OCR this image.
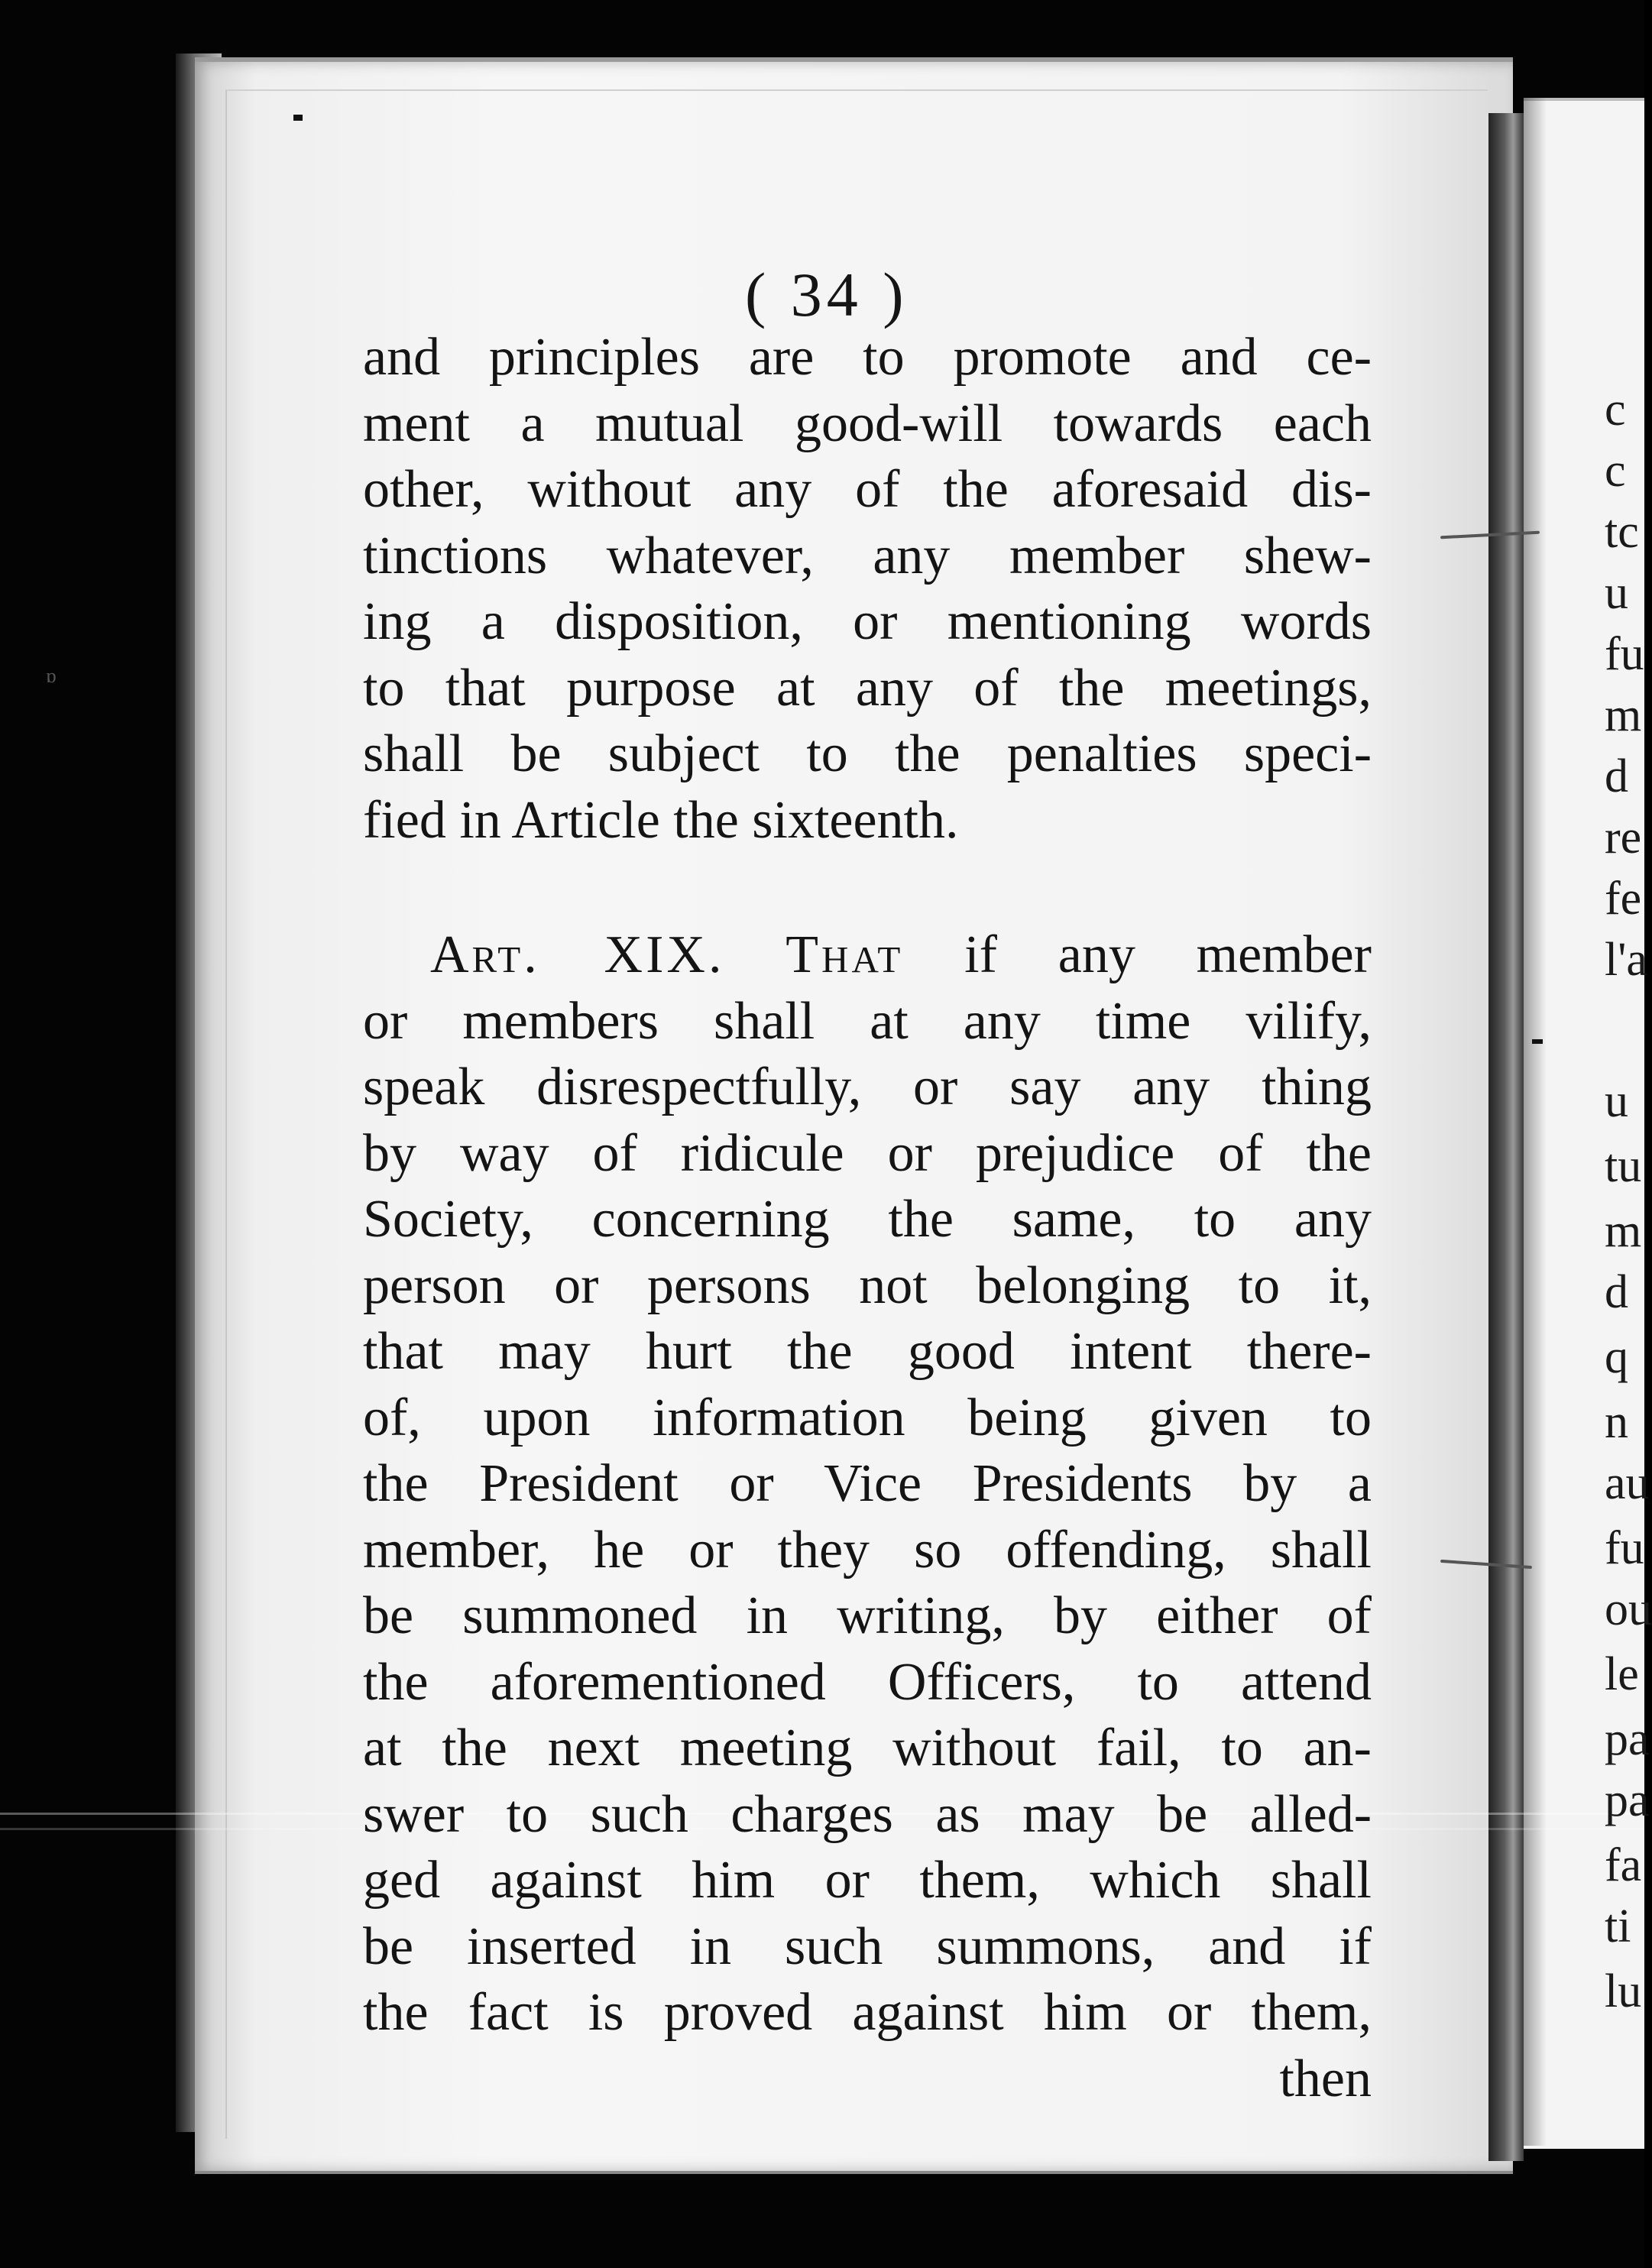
ɒ
( 34 )
and principles are to promote and ce-
ment a mutual good-will towards each
other, without any of the aforesaid dis-
tinctions whatever, any member shew-
ing a disposition, or mentioning words
to that purpose at any of the meetings,
shall be subject to the penalties speci-
fied in Article the sixteenth.
Art. XIX. That if any member
or members shall at any time vilify,
speak disrespectfully, or say any thing
by way of ridicule or prejudice of the
Society, concerning the same, to any
person or persons not belonging to it,
that may hurt the good intent there-
of, upon information being given to
the President or Vice Presidents by a
member, he or they so offending, shall
be summoned in writing, by either of
the aforementioned Officers, to attend
at the next meeting without fail, to an-
swer to such charges as may be alled-
ged against him or them, which shall
be inserted in such summons, and if
the fact is proved against him or them,
then
c
c
tc
u
fu
m
d
re
fe
l'a
u
tu
m
d
q
n
au
fu
ou
le
pa
pa
fa
ti
lu
